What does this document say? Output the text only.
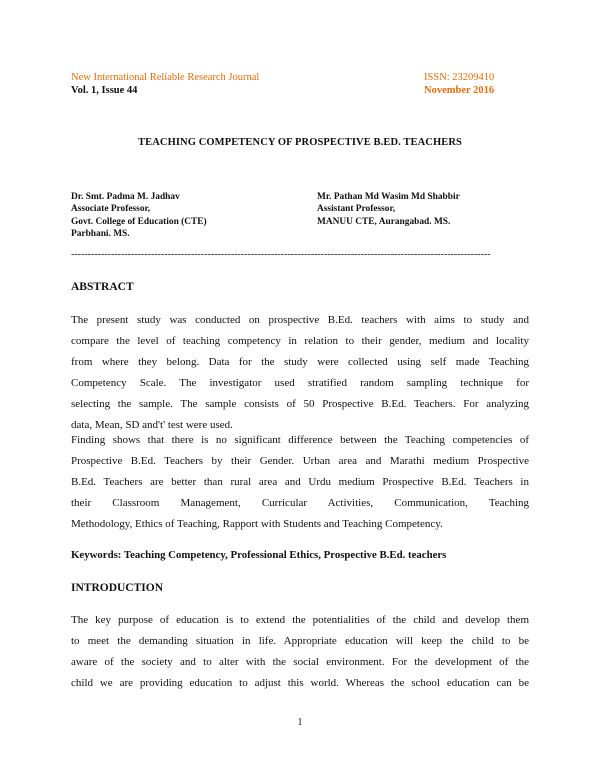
New International Reliable Research Journal
Vol. 1, Issue 44
ISSN: 23209410
November 2016
TEACHING COMPETENCY OF PROSPECTIVE B.ED. TEACHERS
Dr. Smt. Padma M. Jadhav
Associate Professor,
Govt. College of Education (CTE)
Parbhani. MS.
Mr. Pathan Md Wasim Md Shabbir
Assistant Professor,
MANUU CTE, Aurangabad. MS.
------------------------------------------------------------------------------------------------------------------------------
ABSTRACT
The present study was conducted on prospective B.Ed. teachers with aims to study and
compare the level of teaching competency in relation to their gender, medium and locality
from where they belong. Data for the study were collected using self made Teaching
Competency Scale. The investigator used stratified random sampling technique for
selecting the sample. The sample consists of 50 Prospective B.Ed. Teachers. For analyzing
data, Mean, SD and't' test were used.
Finding shows that there is no significant difference between the Teaching competencies of
Prospective B.Ed. Teachers by their Gender. Urban area and Marathi medium Prospective
B.Ed. Teachers are better than rural area and Urdu medium Prospective B.Ed. Teachers in
their Classroom Management, Curricular Activities, Communication, Teaching
Methodology, Ethics of Teaching, Rapport with Students and Teaching Competency.
Keywords: Teaching Competency, Professional Ethics, Prospective B.Ed. teachers
INTRODUCTION
The key purpose of education is to extend the potentialities of the child and develop them
to meet the demanding situation in life. Appropriate education will keep the child to be
aware of the society and to alter with the social environment. For the development of the
child we are providing education to adjust this world. Whereas the school education can be
1
